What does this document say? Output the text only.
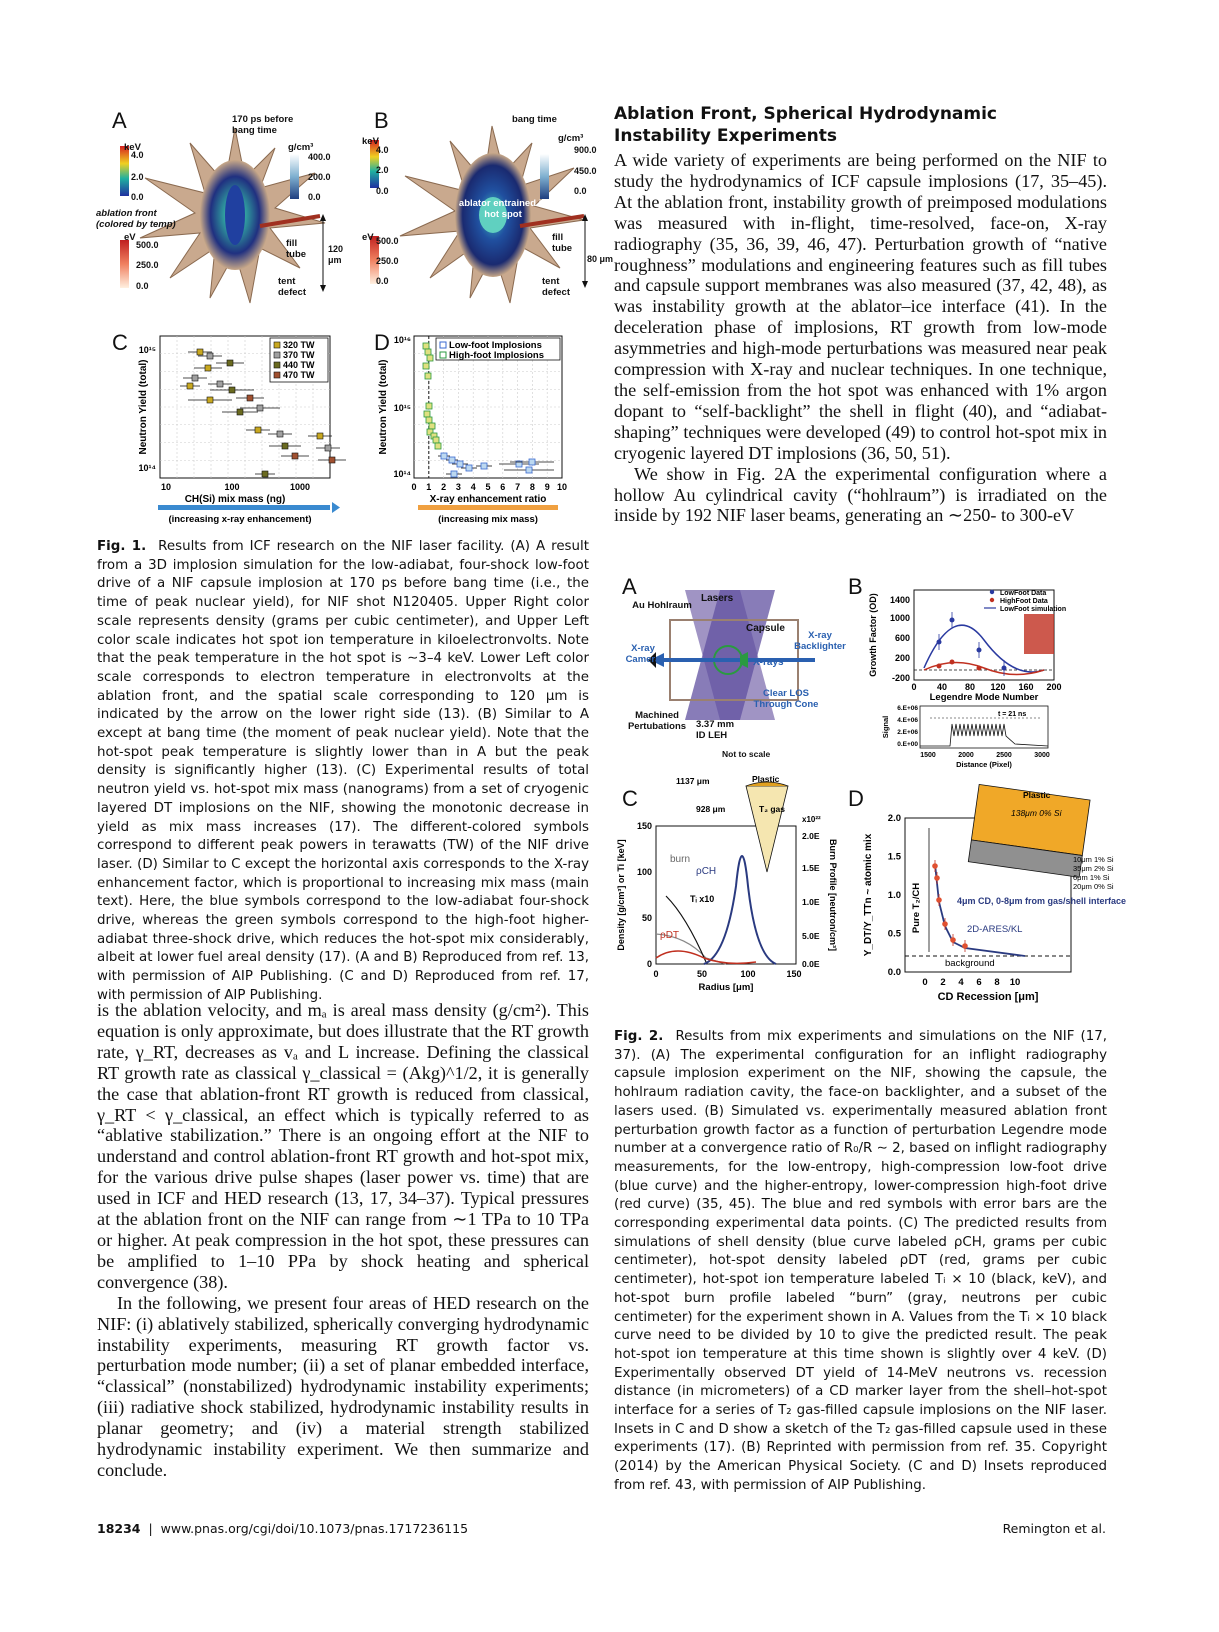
A	B
C	D
170 ps before bang time
keV
4.0
2.0
0.0
g/cm³
400.0
200.0
0.0
ablation front (colored by temp)
eV
500.0
250.0
0.0
fill tube	120 μm
tent defect
bang time
keV
4.0
2.0
0.0
g/cm³
900.0
450.0
0.0
ablator entrained in hot spot
eV 500.0
250.0
0.0
fill tube
80 μm
tent defect
10¹⁵
10¹⁴
10	100	1000
CH(Si) mix mass (ng)
Neutron Yield (total)
(increasing x-ray enhancement)
320 TW
370 TW
440 TW
470 TW
10¹⁶
10¹⁵
10¹⁴
0 1 2 3 4 5 6 7 8 9 10
X-ray enhancement ratio
Neutron Yield (total)
(increasing mix mass)
Low-foot Implosions
High-foot Implosions
Fig. 1. Results from ICF research on the NIF laser facility. (A) A result from a 3D implosion simulation for the low-adiabat, four-shock low-foot drive of a NIF capsule implosion at 170 ps before bang time (i.e., the time of peak nuclear yield), for NIF shot N120405. Upper Right color scale represents density (grams per cubic centimeter), and Upper Left color scale indicates hot spot ion temperature in kiloelectronvolts. Note that the peak temperature in the hot spot is ∼3–4 keV. Lower Left color scale corresponds to electron temperature in electronvolts at the ablation front, and the spatial scale corresponding to 120 μm is indicated by the arrow on the lower right side (13). (B) Similar to A except at bang time (the moment of peak nuclear yield). Note that the hot-spot peak temperature is slightly lower than in A but the peak density is significantly higher (13). (C) Experimental results of total neutron yield vs. hot-spot mix mass (nanograms) from a set of cryogenic layered DT implosions on the NIF, showing the monotonic decrease in yield as mix mass increases (17). The different-colored symbols correspond to different peak powers in terawatts (TW) of the NIF drive laser. (D) Similar to C except the horizontal axis corresponds to the X-ray enhancement factor, which is proportional to increasing mix mass (main text). Here, the blue symbols correspond to the low-adiabat four-shock drive, whereas the green symbols correspond to the high-foot higher-adiabat three-shock drive, which reduces the hot-spot mix considerably, albeit at lower fuel areal density (17). (A and B) Reproduced from ref. 13, with permission of AIP Publishing. (C and D) Reproduced from ref. 17, with permission of AIP Publishing.

is the ablation velocity, and mₐ is areal mass density (g/cm²). This equation is only approximate, but does illustrate that the RT growth rate, γ_RT, decreases as vₐ and L increase. Defining the classical RT growth rate as classical γ_classical = (Akg)^1/2, it is generally the case that ablation-front RT growth is reduced from classical, γ_RT < γ_classical, an effect which is typically referred to as “ablative stabilization.” There is an ongoing effort at the NIF to understand and control ablation-front RT growth and hot-spot mix, for the various drive pulse shapes (laser power vs. time) that are used in ICF and HED research (13, 17, 34–37). Typical pressures at the ablation front on the NIF can range from ∼1 TPa to 10 TPa or higher. At peak compression in the hot spot, these pressures can be amplified to 1–10 PPa by shock heating and spherical convergence (38).

In the following, we present four areas of HED research on the NIF: (i) ablatively stabilized, spherically converging hydrodynamic instability experiments, measuring RT growth factor vs. perturbation mode number; (ii) a set of planar embedded interface, “classical” (nonstabilized) hydrodynamic instability experiments; (iii) radiative shock stabilized, hydrodynamic instability results in planar geometry; and (iv) a material strength stabilized hydrodynamic instability experiment. We then summarize and conclude.

Ablation Front, Spherical Hydrodynamic Instability Experiments

A wide variety of experiments are being performed on the NIF to study the hydrodynamics of ICF capsule implosions (17, 35–45). At the ablation front, instability growth of preimposed modulations was measured with in-flight, time-resolved, face-on, X-ray radiography (35, 36, 39, 46, 47). Perturbation growth of “native roughness” modulations and engineering features such as fill tubes and capsule support membranes was also measured (37, 42, 48), as was instability growth at the ablator–ice interface (41). In the deceleration phase of implosions, RT growth from low-mode asymmetries and high-mode perturbations was measured near peak compression with X-ray and nuclear techniques. In one technique, the self-emission from the hot spot was enhanced with 1% argon dopant to “self-backlight” the shell in flight (40), and “adiabat-shaping” techniques were developed (49) to control hot-spot mix in cryogenic layered DT implosions (36, 50, 51).

We show in Fig. 2A the experimental configuration where a hollow Au cylindrical cavity (“hohlraum”) is irradiated on the inside by 192 NIF laser beams, generating an ∼250- to 300-eV

A	B
C	D
Au Hohlraum
Lasers
Capsule
X-ray Backlighter
X-ray Camera	X-rays
Clear LOS Through Cone
Machined Pertubations	3.37 mm ID LEH
Not to scale
1400
1000
600
200
-200
0 40 80 120 160 200
Legendre Mode Number
Growth Factor (OD)	LowFoot Data
HighFoot Data
LowFoot simulation
6.E+06
4.E+06
2.E+06
0.E+00
1500	2000	2500	3000
Distance (Pixel)
Signal
t = 21 ns
150
100
50
0
0	50	100	150
Radius [μm]
Density [g/cm³] or Ti [keV]
2.0E
1.5E
1.0E
5.0E
0.0E
x10²²
Burn Profile [neutron/cm³]
burn
ρCH
Tᵢ x10
ρDT
1137 μm
928 μm
Plastic
T₂ gas
2.0
1.5
1.0
0.5
0.0
0 2 4 6 8 10
CD Recession [μm]
Y_DT/Y_TTn ~ atomic mix
background
Pure T₂/CH	4μm CD, 0-8μm from gas/shell interface
2D-ARES/KL
Plastic
138μm 0% Si
10μm 1% Si
35μm 2% Si
6μm 1% Si
20μm 0% Si
Fig. 2. Results from mix experiments and simulations on the NIF (17, 37). (A) The experimental configuration for an inflight radiography capsule implosion experiment on the NIF, showing the capsule, the hohlraum radiation cavity, the face-on backlighter, and a subset of the lasers used. (B) Simulated vs. experimentally measured ablation front perturbation growth factor as a function of perturbation Legendre mode number at a convergence ratio of R₀/R ∼ 2, based on inflight radiography measurements, for the low-entropy, high-compression low-foot drive (blue curve) and the higher-entropy, lower-compression high-foot drive (red curve) (35, 45). The blue and red symbols with error bars are the corresponding experimental data points. (C) The predicted results from simulations of shell density (blue curve labeled ρCH, grams per cubic centimeter), hot-spot density labeled ρDT (red, grams per cubic centimeter), hot-spot ion temperature labeled Tᵢ × 10 (black, keV), and hot-spot burn profile labeled “burn” (gray, neutrons per cubic centimeter) for the experiment shown in A. Values from the Tᵢ × 10 black curve need to be divided by 10 to give the predicted result. The peak hot-spot ion temperature at this time shown is slightly over 4 keV. (D) Experimentally observed DT yield of 14-MeV neutrons vs. recession distance (in micrometers) of a CD marker layer from the shell–hot-spot interface for a series of T₂ gas-filled capsule implosions on the NIF laser. Insets in C and D show a sketch of the T₂ gas-filled capsule used in these experiments (17). (B) Reprinted with permission from ref. 35. Copyright (2014) by the American Physical Society. (C and D) Insets reproduced from ref. 43, with permission of AIP Publishing.
18234 | www.pnas.org/cgi/doi/10.1073/pnas.1717236115	Remington et al.
